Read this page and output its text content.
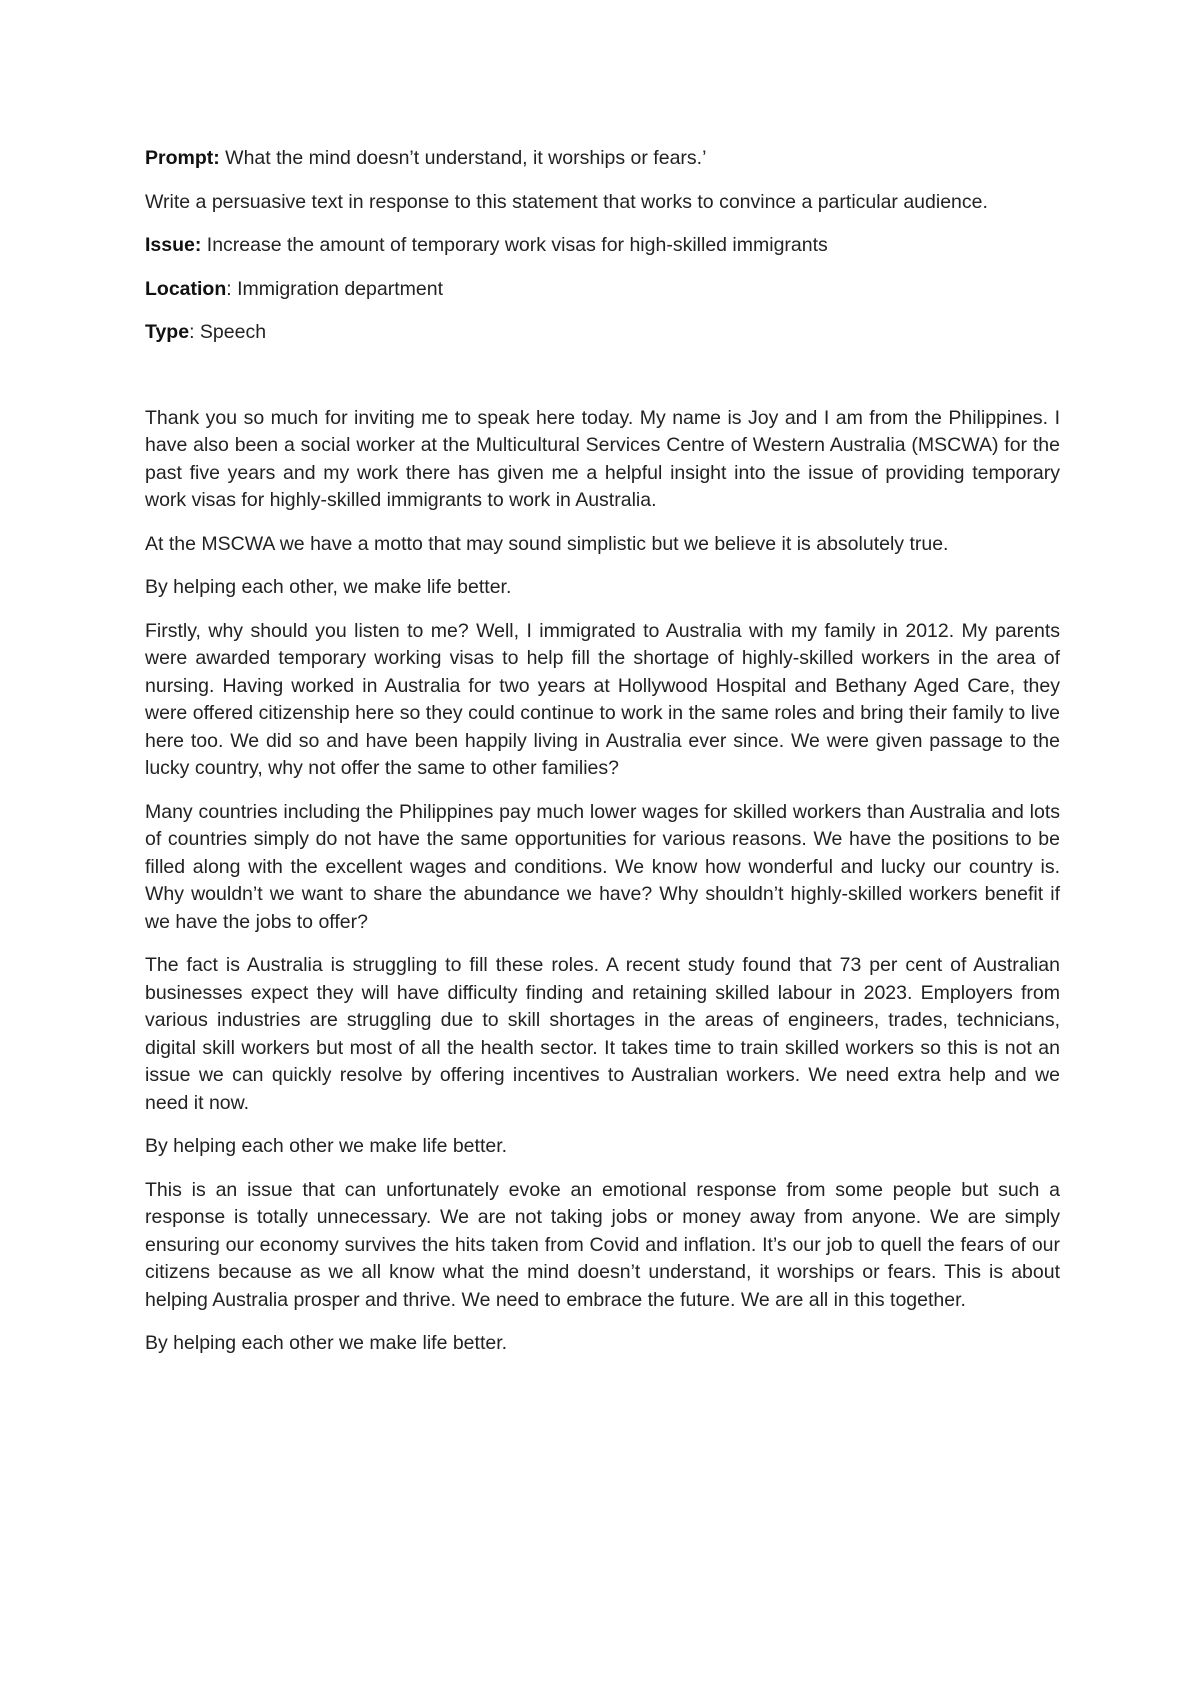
Prompt: What the mind doesn’t understand, it worships or fears.’

Write a persuasive text in response to this statement that works to convince a particular audience.

Issue: Increase the amount of temporary work visas for high-skilled immigrants
Location: Immigration department
Type: Speech

Thank you so much for inviting me to speak here today. My name is Joy and I am from the Philippines. I have also been a social worker at the Multicultural Services Centre of Western Australia (MSCWA) for the past five years and my work there has given me a helpful insight into the issue of providing temporary work visas for highly-skilled immigrants to work in Australia.

At the MSCWA we have a motto that may sound simplistic but we believe it is absolutely true.

By helping each other, we make life better.

Firstly, why should you listen to me? Well, I immigrated to Australia with my family in 2012. My parents were awarded temporary working visas to help fill the shortage of highly-skilled workers in the area of nursing. Having worked in Australia for two years at Hollywood Hospital and Bethany Aged Care, they were offered citizenship here so they could continue to work in the same roles and bring their family to live here too. We did so and have been happily living in Australia ever since. We were given passage to the lucky country, why not offer the same to other families?

Many countries including the Philippines pay much lower wages for skilled workers than Australia and lots of countries simply do not have the same opportunities for various reasons. We have the positions to be filled along with the excellent wages and conditions. We know how wonderful and lucky our country is. Why wouldn’t we want to share the abundance we have? Why shouldn’t highly-skilled workers benefit if we have the jobs to offer?

The fact is Australia is struggling to fill these roles. A recent study found that 73 per cent of Australian businesses expect they will have difficulty finding and retaining skilled labour in 2023. Employers from various industries are struggling due to skill shortages in the areas of engineers, trades, technicians, digital skill workers but most of all the health sector. It takes time to train skilled workers so this is not an issue we can quickly resolve by offering incentives to Australian workers. We need extra help and we need it now.

By helping each other we make life better.

This is an issue that can unfortunately evoke an emotional response from some people but such a response is totally unnecessary. We are not taking jobs or money away from anyone. We are simply ensuring our economy survives the hits taken from Covid and inflation. It’s our job to quell the fears of our citizens because as we all know what the mind doesn’t understand, it worships or fears. This is about helping Australia prosper and thrive. We need to embrace the future. We are all in this together.

By helping each other we make life better.
